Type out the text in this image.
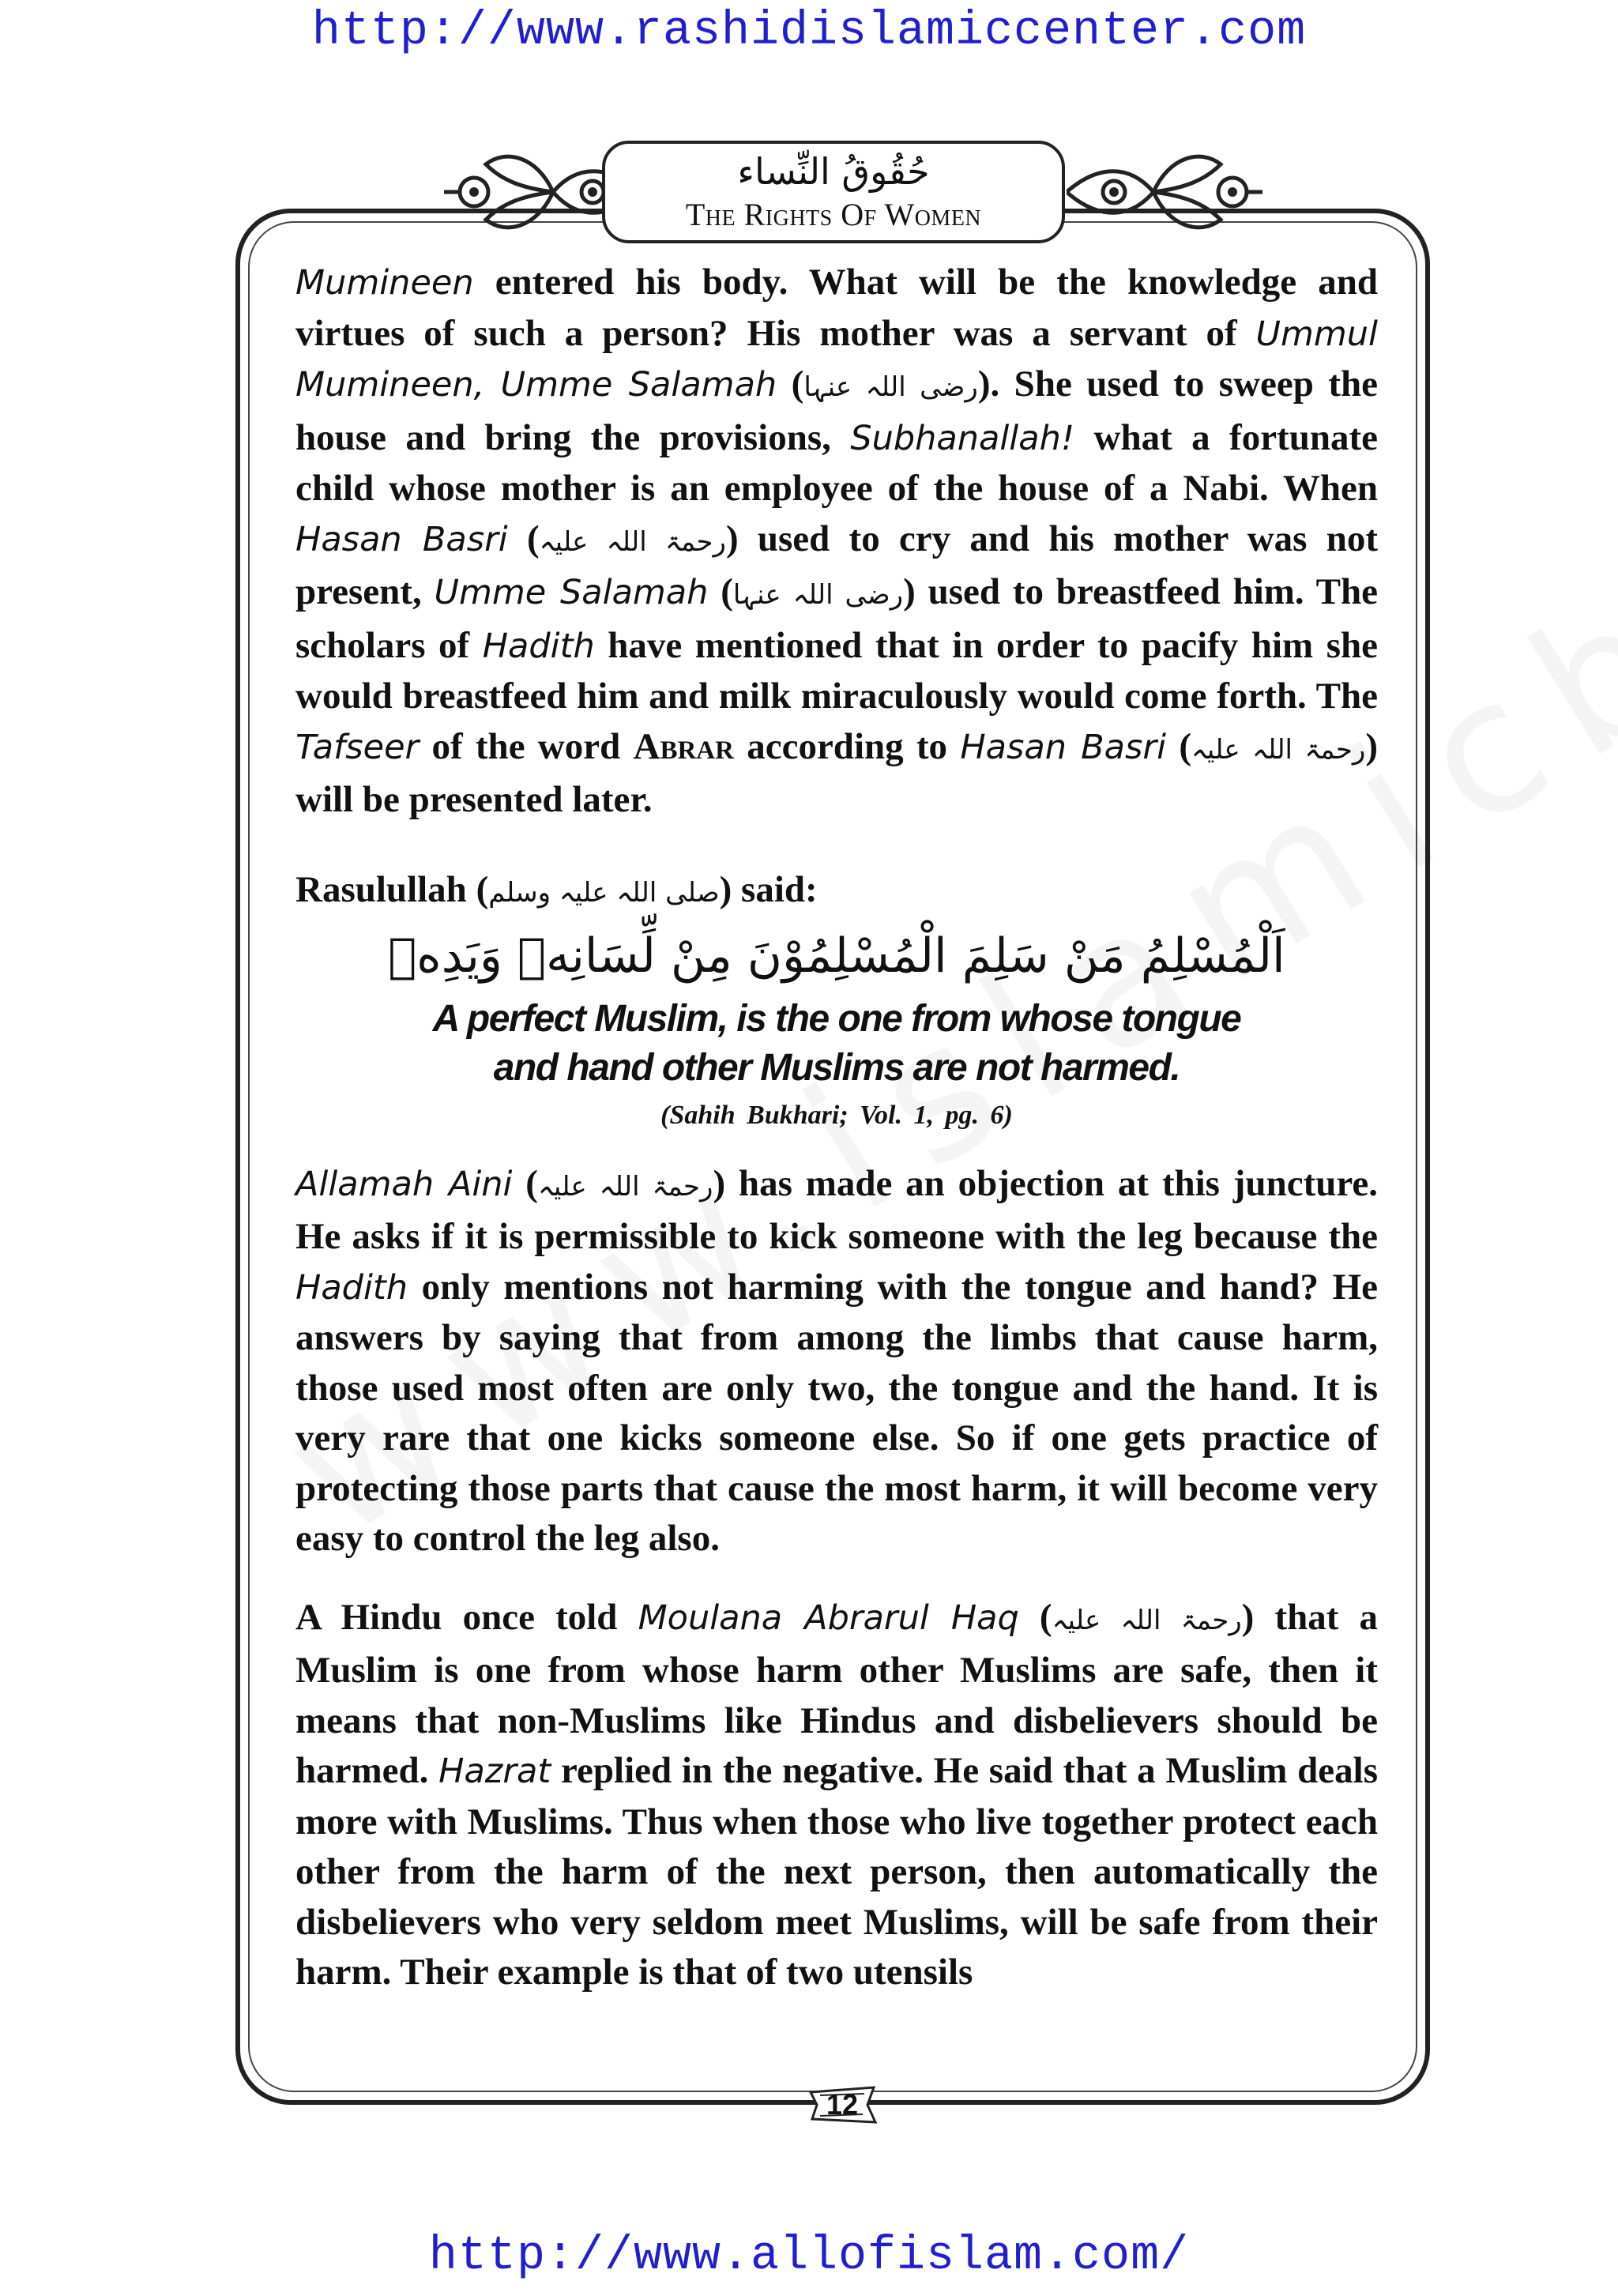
http://www.rashidislamiccenter.com
حُقُوقُ النِّساء
The Rights Of Women

Mumineen entered his body. What will be the knowledge and virtues of such a person? His mother was a servant of Ummul Mumineen, Umme Salamah (رضی اللہ عنہا). She used to sweep the house and bring the provisions, Subhanallah! what a fortunate child whose mother is an employee of the house of a Nabi. When Hasan Basri (رحمۃ اللہ علیہ) used to cry and his mother was not present, Umme Salamah (رضی اللہ عنہا) used to breastfeed him. The scholars of Hadith have mentioned that in order to pacify him she would breastfeed him and milk miraculously would come forth. The Tafseer of the word Abrar according to Hasan Basri (رحمۃ اللہ علیہ) will be presented later.

Rasulullah (صلی اللہ علیہ وسلم) said:
اَلْمُسْلِمُ مَنْ سَلِمَ الْمُسْلِمُوْنَ مِنْ لِّسَانِهٖ وَيَدِهٖ
A perfect Muslim, is the one from whose tongue
and hand other Muslims are not harmed.
(Sahih Bukhari; Vol. 1, pg. 6)

Allamah Aini (رحمۃ اللہ علیہ) has made an objection at this juncture. He asks if it is permissible to kick someone with the leg because the Hadith only mentions not harming with the tongue and hand? He answers by saying that from among the limbs that cause harm, those used most often are only two, the tongue and the hand. It is very rare that one kicks someone else. So if one gets practice of protecting those parts that cause the most harm, it will become very easy to control the leg also.

A Hindu once told Moulana Abrarul Haq (رحمۃ اللہ علیہ) that a Muslim is one from whose harm other Muslims are safe, then it means that non-Muslims like Hindus and disbelievers should be harmed. Hazrat replied in the negative. He said that a Muslim deals more with Muslims. Thus when those who live together protect each other from the harm of the next person, then automatically the disbelievers who very seldom meet Muslims, will be safe from their harm. Their example is that of two utensils

12
http://www.allofislam.com/
